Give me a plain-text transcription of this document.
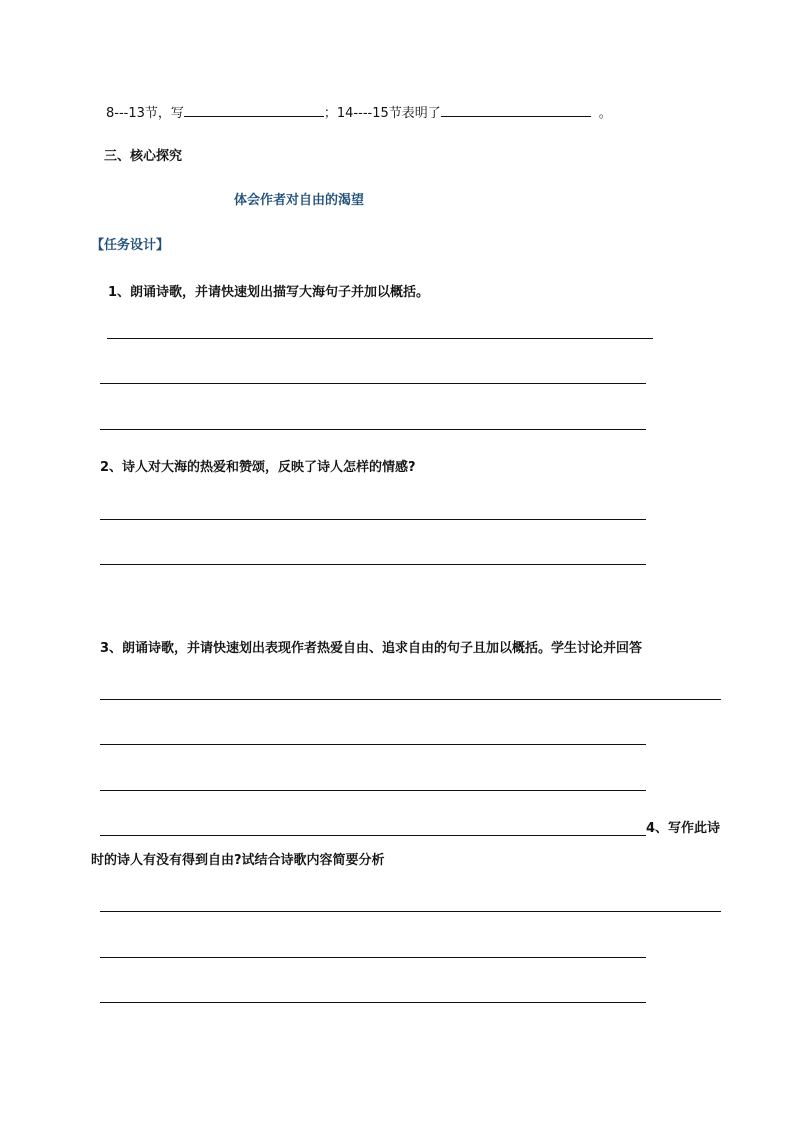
8---13节，写	；14----15节表明了	。
三、核心探究
体会作者对自由的渴望
【任务设计】
1、朗诵诗歌，并请快速划出描写大海句子并加以概括。
2、诗人对大海的热爱和赞颂，反映了诗人怎样的情感?
3、朗诵诗歌，并请快速划出表现作者热爱自由、追求自由的句子且加以概括。学生讨论并回答
4、写作此诗
时的诗人有没有得到自由?试结合诗歌内容简要分析
